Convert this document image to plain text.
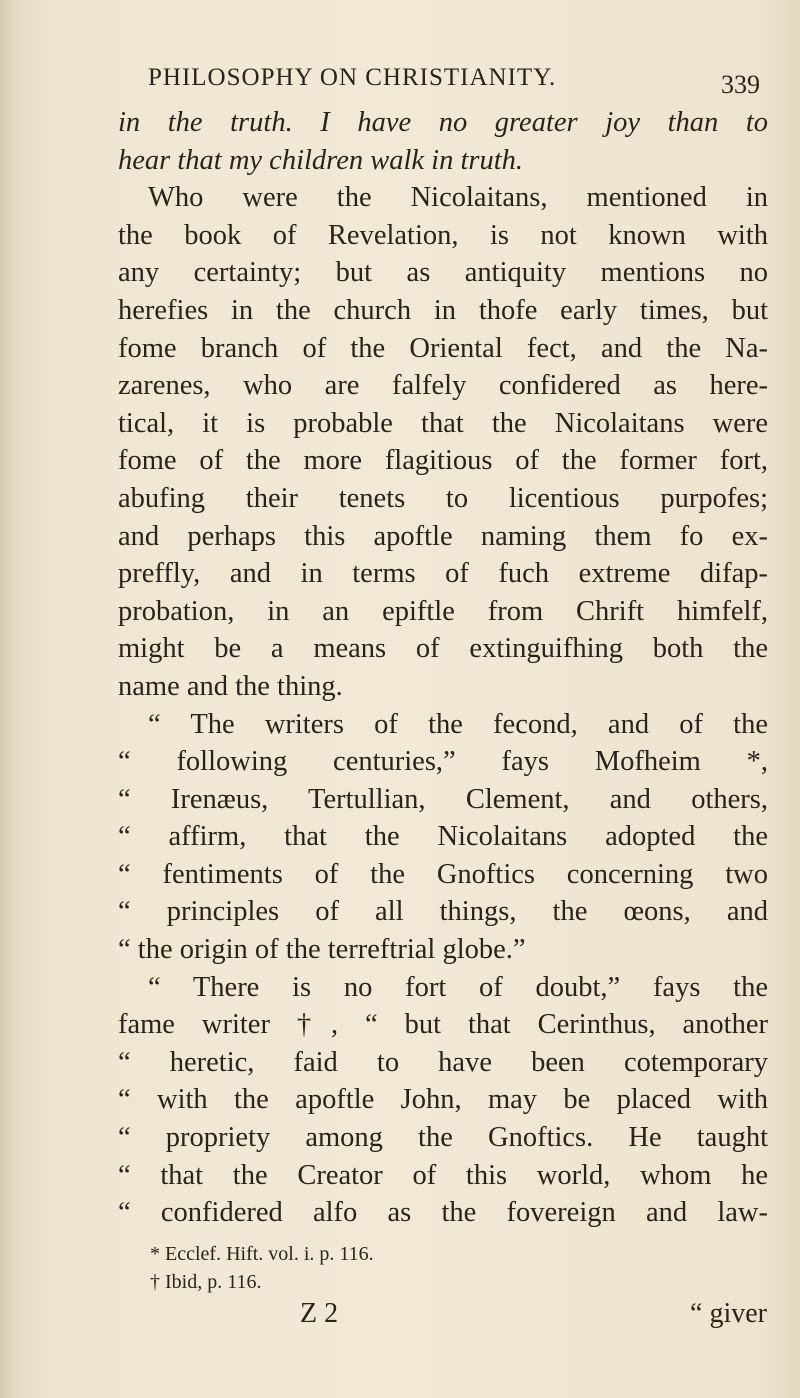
PHILOSOPHY ON CHRISTIANITY.	339
in the truth. I have no greater joy than to
hear that my children walk in truth.
Who were the Nicolaitans, mentioned in
the book of Revelation, is not known with
any certainty; but as antiquity mentions no
herefies in the church in thofe early times, but
fome branch of the Oriental fect, and the Na-
zarenes, who are falfely confidered as here-
tical, it is probable that the Nicolaitans were
fome of the more flagitious of the former fort,
abufing their tenets to licentious purpofes;
and perhaps this apoftle naming them fo ex-
preffly, and in terms of fuch extreme difap-
probation, in an epiftle from Chrift himfelf,
might be a means of extinguifhing both the
name and the thing.
“ The writers of the fecond, and of the
“ following centuries,” fays Mofheim *,
“ Irenæus, Tertullian, Clement, and others,
“ affirm, that the Nicolaitans adopted the
“ fentiments of the Gnoftics concerning two
“ principles of all things, the œons, and
“ the origin of the terreftrial globe.”
“ There is no fort of doubt,” fays the
fame writer †, “ but that Cerinthus, another
“ heretic, faid to have been cotemporary
“ with the apoftle John, may be placed with
“ propriety among the Gnoftics. He taught
“ that the Creator of this world, whom he
“ confidered alfo as the fovereign and law-
* Ecclef. Hift. vol. i. p. 116.
† Ibid, p. 116.
Z 2	“ giver
